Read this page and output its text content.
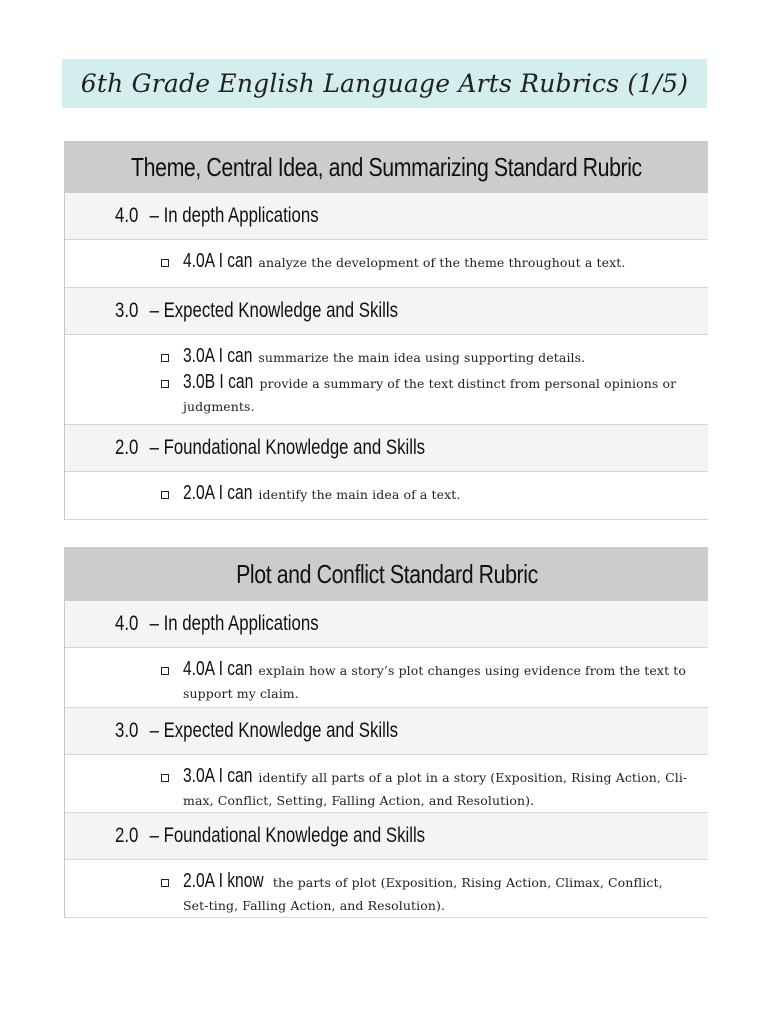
6th Grade English Language Arts Rubrics (1/5)
Theme, Central Idea, and Summarizing Standard Rubric
4.0 – In depth Applications
4.0A I can analyze the development of the theme throughout a text.
3.0 – Expected Knowledge and Skills
3.0A I can summarize the main idea using supporting details.
3.0B I can provide a summary of the text distinct from personal opinions or judgments.
2.0 – Foundational Knowledge and Skills
2.0A I can identify the main idea of a text.
Plot and Conflict Standard Rubric
4.0 – In depth Applications
4.0A I can explain how a story’s plot changes using evidence from the text to support my claim.
3.0 – Expected Knowledge and Skills
3.0A I can identify all parts of a plot in a story (Exposition, Rising Action, Cli-max, Conflict, Setting, Falling Action, and Resolution).
2.0 – Foundational Knowledge and Skills
2.0A I know the parts of plot (Exposition, Rising Action, Climax, Conflict, Set-ting, Falling Action, and Resolution).
